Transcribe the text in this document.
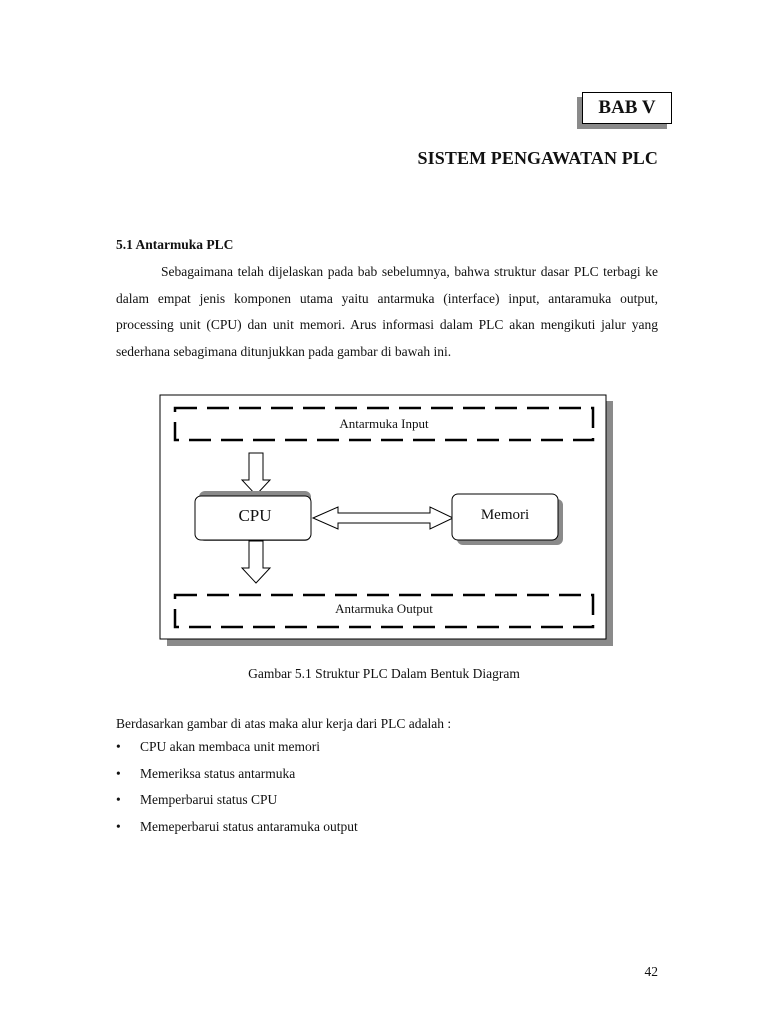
BAB V
SISTEM PENGAWATAN PLC
5.1 Antarmuka PLC

Sebagaimana telah dijelaskan pada bab sebelumnya, bahwa struktur dasar PLC terbagi ke dalam empat jenis komponen utama yaitu antarmuka (interface) input, antaramuka output, processing unit (CPU) dan unit memori. Arus informasi dalam PLC akan mengikuti jalur yang sederhana sebagimana ditunjukkan pada gambar di bawah ini.

Antarmuka Input
CPU	Memori
Antarmuka Output
Gambar 5.1 Struktur PLC Dalam Bentuk Diagram
Berdasarkan gambar di atas maka alur kerja dari PLC adalah :
•	CPU akan membaca unit memori
•	Memeriksa status antarmuka
•	Memperbarui status CPU
•	Memeperbarui status antaramuka output
42
